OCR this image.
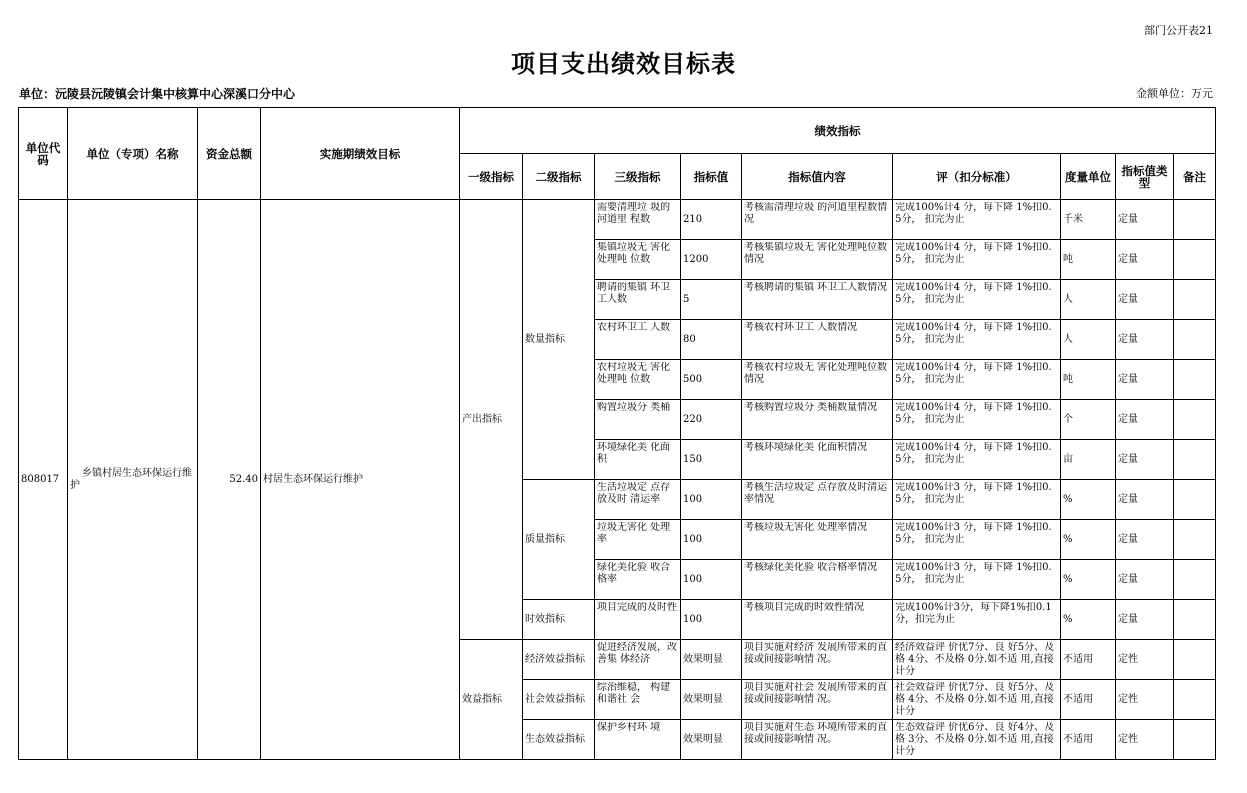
部门公开表21
项目支出绩效目标表
单位：沅陵县沅陵镇会计集中核算中心深溪口分中心	金额单位：万元
单位代码	单位（专项）名称	资金总额	实施期绩效目标	绩效指标								
				一级指标	二级指标	三级指标	指标值	指标值内容	评（扣分标准）	度量单位	指标值类型	备注
808017	乡镇村居生态环保运行维护	52.40	村居生态环保运行维护	产出指标	数量指标	需要清理垃 圾的河道里 程数	210	考核需清理垃圾 的河道里程数情 况	完成100%计4 分，每下降 1%扣0.5分， 扣完为止	千米	定量	

						集镇垃圾无 害化处理吨 位数	1200	考核集镇垃圾无 害化处理吨位数 情况	完成100%计4 分，每下降 1%扣0.5分， 扣完为止	吨	定量	

						聘请的集镇 环卫工人数	5	考核聘请的集镇 环卫工人数情况	完成100%计4 分，每下降 1%扣0.5分， 扣完为止	人	定量	

						农村环卫工 人数	80	考核农村环卫工 人数情况	完成100%计4 分，每下降 1%扣0.5分， 扣完为止	人	定量	

						农村垃圾无 害化处理吨 位数	500	考核农村垃圾无 害化处理吨位数 情况	完成100%计4 分，每下降 1%扣0.5分， 扣完为止	吨	定量	

						购置垃圾分 类桶	220	考核购置垃圾分 类桶数量情况	完成100%计4 分，每下降 1%扣0.5分， 扣完为止	个	定量	

						环境绿化美 化面积	150	考核环境绿化美 化面积情况	完成100%计4 分，每下降 1%扣0.5分， 扣完为止	亩	定量	
					质量指标	生活垃圾定 点存放及时 清运率	100	考核生活垃圾定 点存放及时清运 率情况	完成100%计3 分，每下降 1%扣0.5分， 扣完为止	%	定量	

						垃圾无害化 处理率	100	考核垃圾无害化 处理率情况	完成100%计3 分，每下降 1%扣0.5分， 扣完为止	%	定量	

						绿化美化验 收合格率	100	考核绿化美化验 收合格率情况	完成100%计3 分，每下降 1%扣0.5分， 扣完为止	%	定量	
					时效指标	项目完成的及时性	100	考核项目完成的时效性情况	完成100%计3分，每下降1%扣0.1分，扣完为止	%	定量	
				效益指标	经济效益指标	促进经济发展，改善集 体经济	效果明显	项目实施对经济 发展所带来的直 接或间接影响情 况。	经济效益评 价优7分、良 好5分、及格 4分、不及格 0分.如不适 用,直接计分	不适用	定性	
					社会效益指标	综治维稳， 构建和谐社 会	效果明显	项目实施对社会 发展所带来的直 接或间接影响情 况。	社会效益评 价优7分、良 好5分、及格 4分、不及格 0分.如不适 用,直接计分	不适用	定性	
					生态效益指标	保护乡村环 境	效果明显	项目实施对生态 环境所带来的直 接或间接影响情 况。	生态效益评 价优6分、良 好4分、及格 3分、不及格 0分.如不适 用,直接计分	不适用	定性	
